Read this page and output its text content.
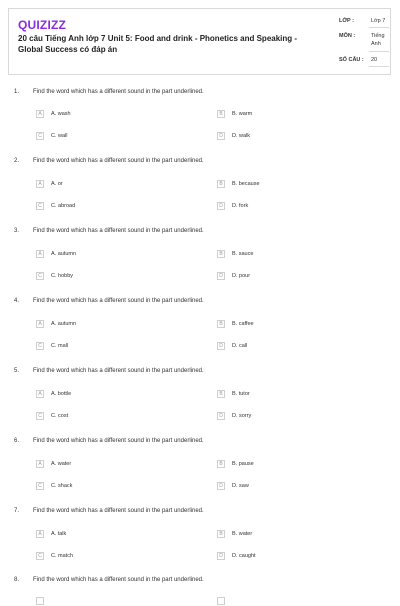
QUIZIZZ
20 câu Tiếng Anh lớp 7 Unit 5: Food and drink - Phonetics and Speaking - Global Success có đáp án
LỚP :	Lớp 7
MÔN :	Tiếng Anh
SỐ CÂU : 20
1. Find the word which has a different sound in the part underlined.
A	A. wash	B	B. warm
C	C. wall	D	D. walk
2. Find the word which has a different sound in the part underlined.
A	A. or	B	B. because
C	C. abroad	D	D. fork
3. Find the word which has a different sound in the part underlined.
A	A. autumn	B	B. sauce
C	C. hobby	D	D. pour
4. Find the word which has a different sound in the part underlined.
A	A. autumn	B	B. caffee
C	C. mall	D	D. call
5. Find the word which has a different sound in the part underlined.
A	A. bottle	B	B. tutor
C	C. cost	D	D. sorry
6. Find the word which has a different sound in the part underlined.
A	A. water	B	B. pause
C	C. shack	D	D. saw
7. Find the word which has a different sound in the part underlined.
A	A. talk	B	B. water
C	C. match	D	D. caught
8. Find the word which has a different sound in the part underlined.
